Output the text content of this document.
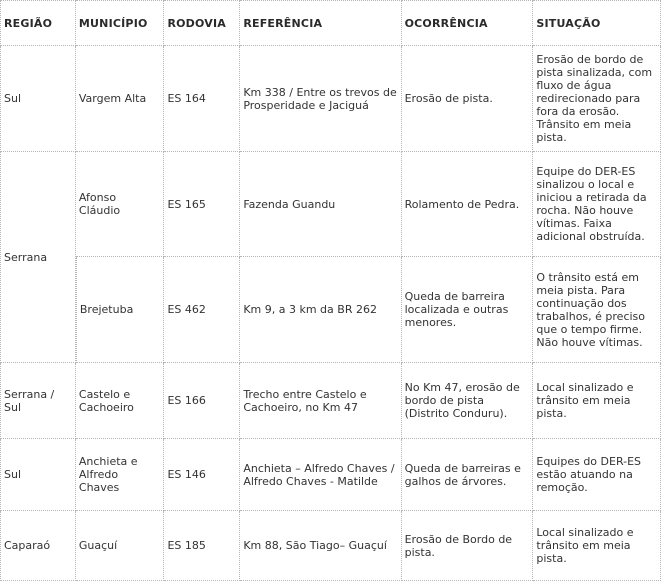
REGIÃO	MUNICÍPIO	RODOVIA	REFERÊNCIA	OCORRÊNCIA	SITUAÇÃO
Sul	Vargem Alta	ES 164	Km 338 / Entre os trevos de Prosperidade e Jaciguá	Erosão de pista.	Erosão de bordo de pista sinalizada, com fluxo de água redirecionado para fora da erosão. Trânsito em meia pista.
Serrana	Afonso Cláudio	ES 165	Fazenda Guandu	Rolamento de Pedra.	Equipe do DER-ES sinalizou o local e iniciou a retirada da rocha. Não houve vítimas. Faixa adicional obstruída.
	Brejetuba	ES 462	Km 9, a 3 km da BR 262	Queda de barreira localizada e outras menores.	O trânsito está em meia pista. Para continuação dos trabalhos, é preciso que o tempo firme. Não houve vítimas.
Serrana / Sul	Castelo e Cachoeiro	ES 166	Trecho entre Castelo e Cachoeiro, no Km 47	No Km 47, erosão de bordo de pista (Distrito Conduru).	Local sinalizado e trânsito em meia pista.
Sul	Anchieta e Alfredo Chaves	ES 146	Anchieta – Alfredo Chaves / Alfredo Chaves - Matilde	Queda de barreiras e galhos de árvores.	Equipes do DER-ES estão atuando na remoção.
Caparaó	Guaçuí	ES 185	Km 88, São Tiago– Guaçuí	Erosão de Bordo de pista.	Local sinalizado e trânsito em meia pista.
